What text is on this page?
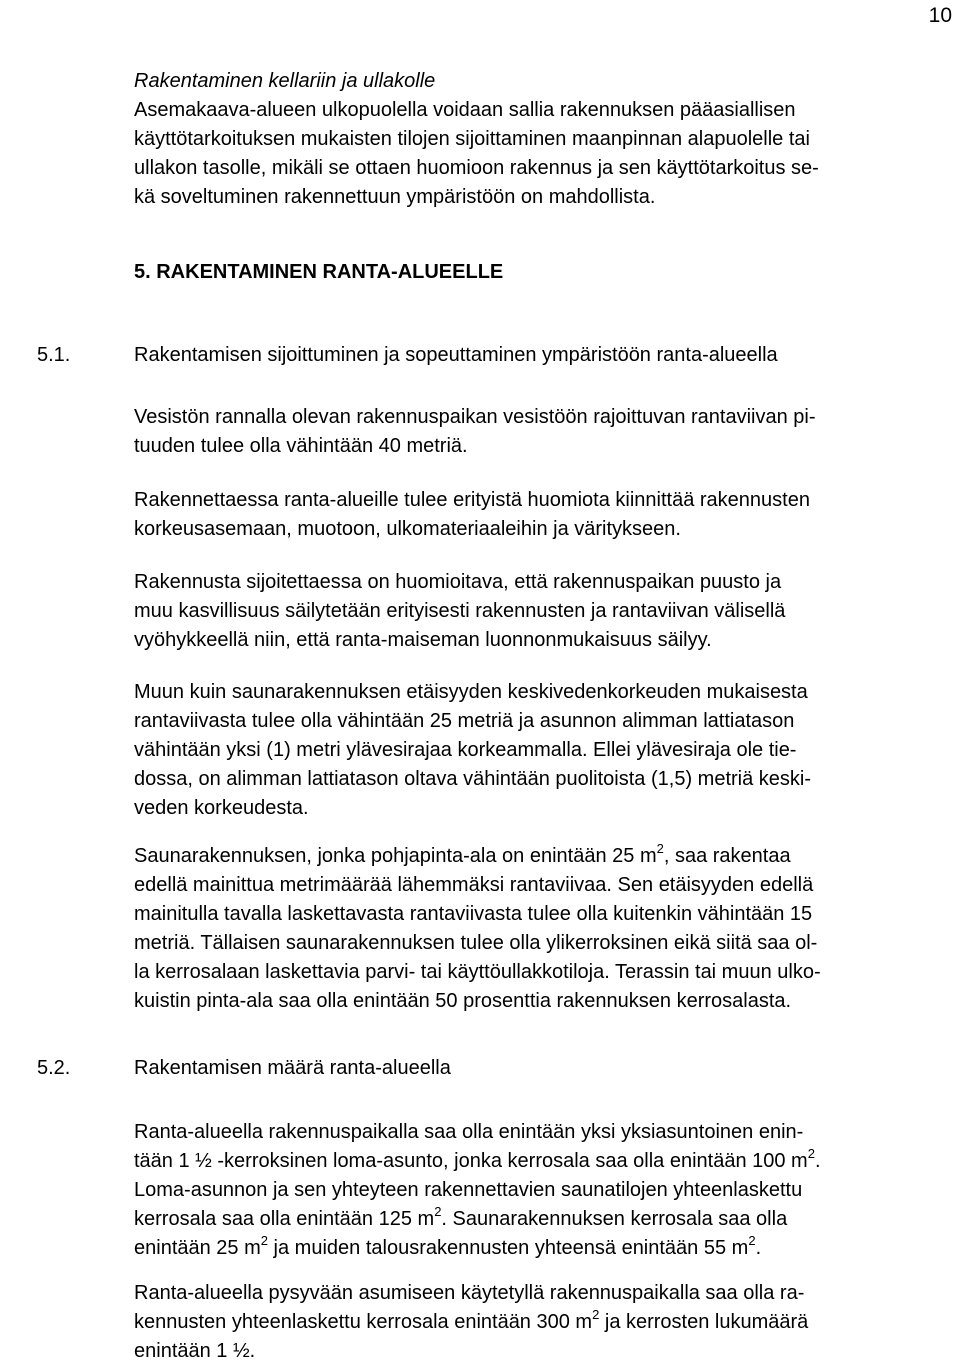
10
Rakentaminen kellariin ja ullakolle
Asemakaava-alueen ulkopuolella voidaan sallia rakennuksen pääasiallisen
käyttötarkoituksen mukaisten tilojen sijoittaminen maanpinnan alapuolelle tai
ullakon tasolle, mikäli se ottaen huomioon rakennus ja sen käyttötarkoitus se-
kä soveltuminen rakennettuun ympäristöön on mahdollista.
5. RAKENTAMINEN RANTA-ALUEELLE
5.1.	Rakentamisen sijoittuminen ja sopeuttaminen ympäristöön ranta-alueella
Vesistön rannalla olevan rakennuspaikan vesistöön rajoittuvan rantaviivan pi-
tuuden tulee olla vähintään 40 metriä.
Rakennettaessa ranta-alueille tulee erityistä huomiota kiinnittää rakennusten
korkeusasemaan, muotoon, ulkomateriaaleihin ja väritykseen.
Rakennusta sijoitettaessa on huomioitava, että rakennuspaikan puusto ja
muu kasvillisuus säilytetään erityisesti rakennusten ja rantaviivan välisellä
vyöhykkeellä niin, että ranta-maiseman luonnonmukaisuus säilyy.
Muun kuin saunarakennuksen etäisyyden keskivedenkorkeuden mukaisesta
rantaviivasta tulee olla vähintään 25 metriä ja asunnon alimman lattiatason
vähintään yksi (1) metri ylävesirajaa korkeammalla. Ellei ylävesiraja ole tie-
dossa, on alimman lattiatason oltava vähintään puolitoista (1,5) metriä keski-
veden korkeudesta.
Saunarakennuksen, jonka pohjapinta-ala on enintään 25 $m^2$, saa rakentaa
edellä mainittua metrimäärää lähemmäksi rantaviivaa. Sen etäisyyden edellä
mainitulla tavalla laskettavasta rantaviivasta tulee olla kuitenkin vähintään 15
metriä. Tällaisen saunarakennuksen tulee olla ylikerroksinen eikä siitä saa ol-
la kerrosalaan laskettavia parvi- tai käyttöullakkotiloja. Terassin tai muun ulko-
kuistin pinta-ala saa olla enintään 50 prosenttia rakennuksen kerrosalasta.
5.2.	Rakentamisen määrä ranta-alueella
Ranta-alueella rakennuspaikalla saa olla enintään yksi yksiasuntoinen enin-
tään 1 ½ -kerroksinen loma-asunto, jonka kerrosala saa olla enintään 100 $m^2$.
Loma-asunnon ja sen yhteyteen rakennettavien saunatilojen yhteenlaskettu
kerrosala saa olla enintään 125 $m^2$. Saunarakennuksen kerrosala saa olla
enintään 25 $m^2$ ja muiden talousrakennusten yhteensä enintään 55 $m^2$.
Ranta-alueella pysyvään asumiseen käytetyllä rakennuspaikalla saa olla ra-
kennusten yhteenlaskettu kerrosala enintään 300 $m^2$ ja kerrosten lukumäärä
enintään 1 ½.
